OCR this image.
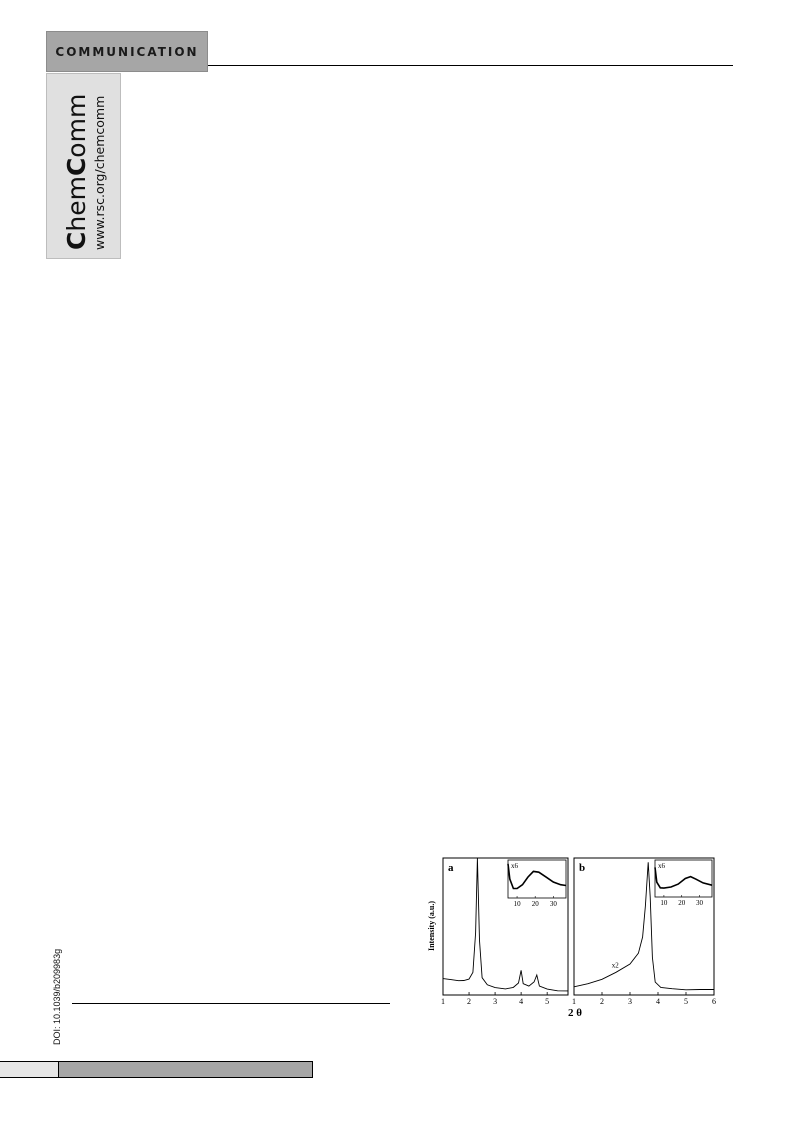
COMMUNICATION
ChemComm www.rsc.org/chemcomm
DOI: 10.1039/b209983g
a
Intensity (a.u.)
1	2	3	4	5
x6
10 20 30
b
1	2	3	4	5	6
x2
x6
10 20 30
2 θ
